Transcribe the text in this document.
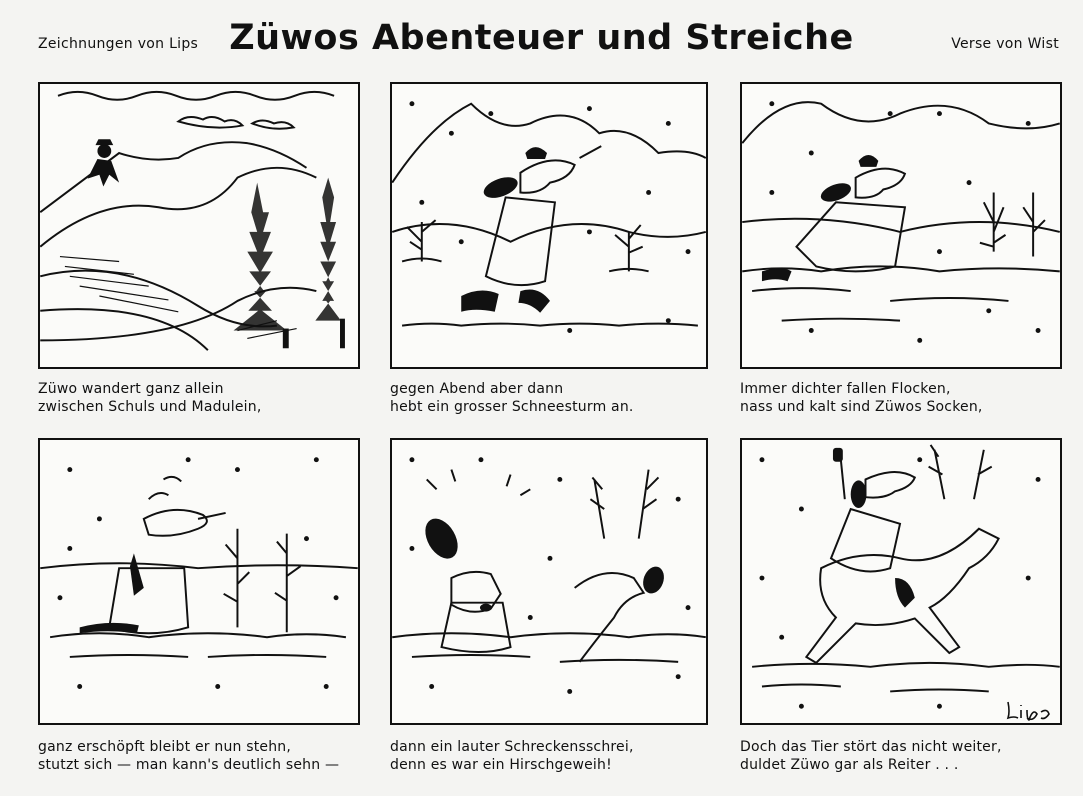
Zeichnungen von Lips Züwos Abenteuer und Streiche	Verse von Wist
Züwo wandert ganz allein
zwischen Schuls und Madulein,
gegen Abend aber dann
hebt ein grosser Schneesturm an.
Immer dichter fallen Flocken,
nass und kalt sind Züwos Socken,
ganz erschöpft bleibt er nun stehn,
stutzt sich — man kann's deutlich sehn —
dann ein lauter Schreckensschrei,
denn es war ein Hirschgeweih!
Doch das Tier stört das nicht weiter,
duldet Züwo gar als Reiter . . .
